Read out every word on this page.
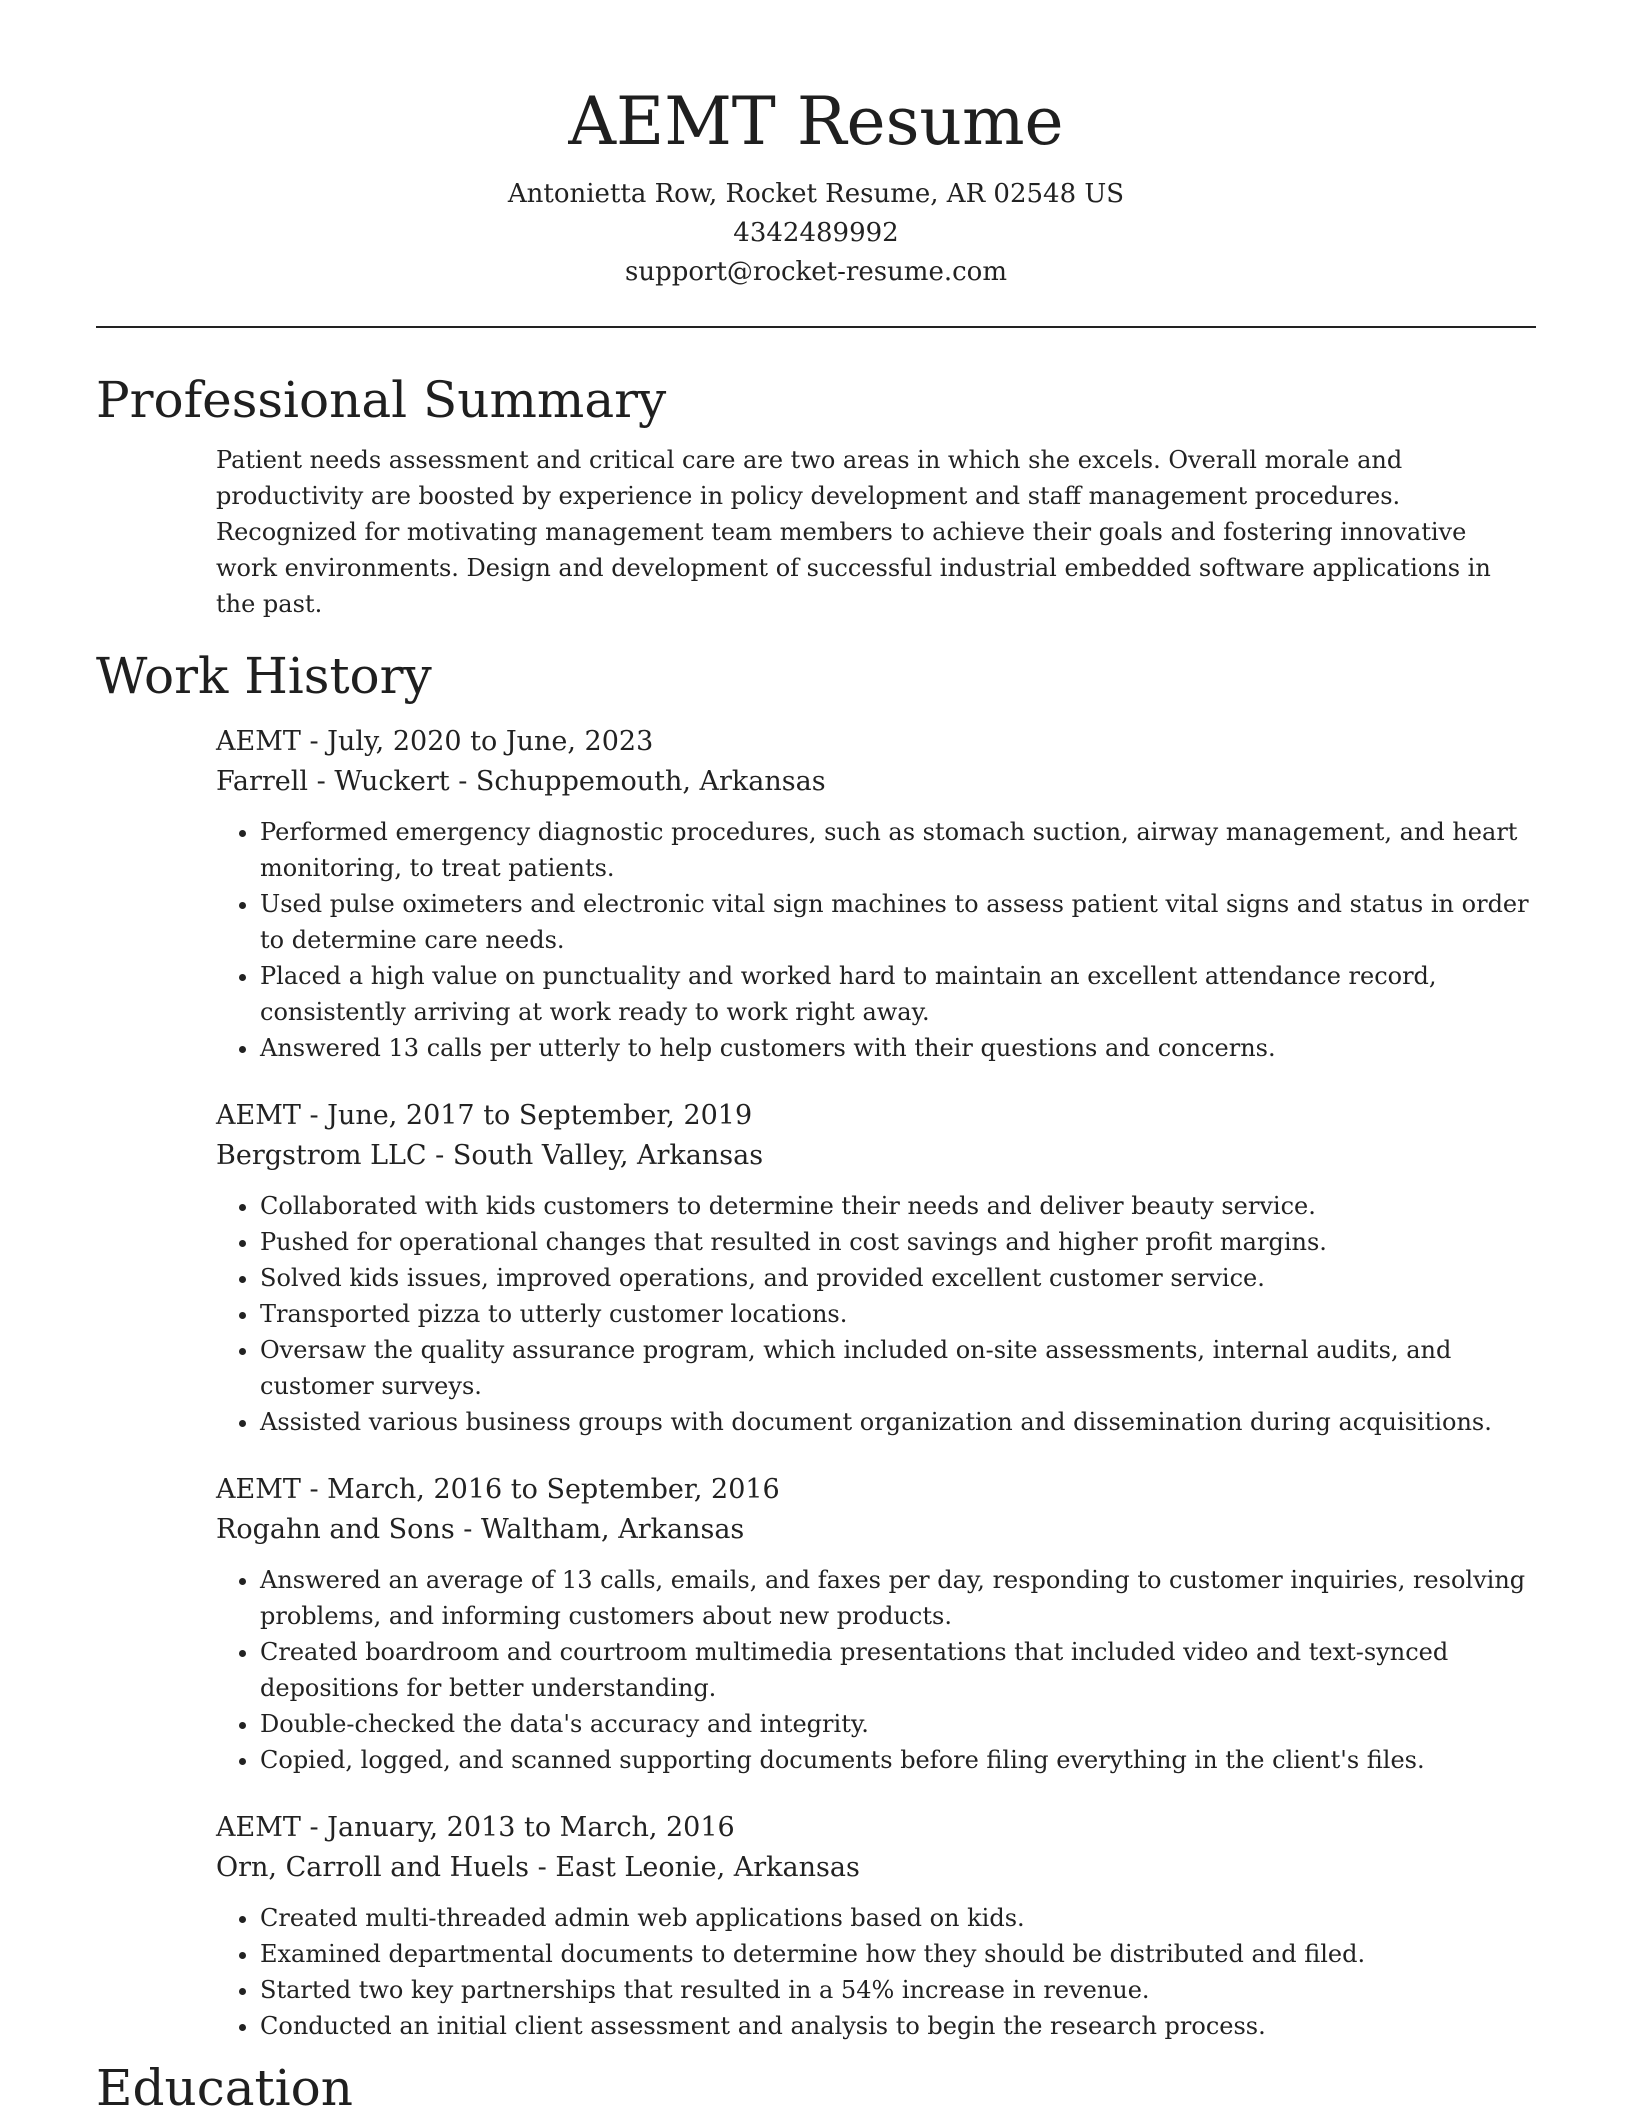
AEMT Resume
Antonietta Row, Rocket Resume, AR 02548 US
4342489992
support@rocket-resume.com
Professional Summary

Patient needs assessment and critical care are two areas in which she excels. Overall morale and productivity are boosted by experience in policy development and staff management procedures. Recognized for motivating management team members to achieve their goals and fostering innovative work environments. Design and development of successful industrial embedded software applications in the past.

Work History
AEMT - July, 2020 to June, 2023
Farrell - Wuckert - Schuppemouth, Arkansas
• Performed emergency diagnostic procedures, such as stomach suction, airway management, and heart monitoring, to treat patients.
• Used pulse oximeters and electronic vital sign machines to assess patient vital signs and status in order to determine care needs.
• Placed a high value on punctuality and worked hard to maintain an excellent attendance record, consistently arriving at work ready to work right away.
• Answered 13 calls per utterly to help customers with their questions and concerns.
AEMT - June, 2017 to September, 2019
Bergstrom LLC - South Valley, Arkansas
• Collaborated with kids customers to determine their needs and deliver beauty service.
• Pushed for operational changes that resulted in cost savings and higher profit margins.
• Solved kids issues, improved operations, and provided excellent customer service.
• Transported pizza to utterly customer locations.
• Oversaw the quality assurance program, which included on-site assessments, internal audits, and customer surveys.
• Assisted various business groups with document organization and dissemination during acquisitions.
AEMT - March, 2016 to September, 2016
Rogahn and Sons - Waltham, Arkansas
• Answered an average of 13 calls, emails, and faxes per day, responding to customer inquiries, resolving problems, and informing customers about new products.
• Created boardroom and courtroom multimedia presentations that included video and text-synced depositions for better understanding.
• Double-checked the data's accuracy and integrity.
• Copied, logged, and scanned supporting documents before filing everything in the client's files.
AEMT - January, 2013 to March, 2016
Orn, Carroll and Huels - East Leonie, Arkansas
• Created multi-threaded admin web applications based on kids.
• Examined departmental documents to determine how they should be distributed and filed.
• Started two key partnerships that resulted in a 54% increase in revenue.
• Conducted an initial client assessment and analysis to begin the research process.
Education
